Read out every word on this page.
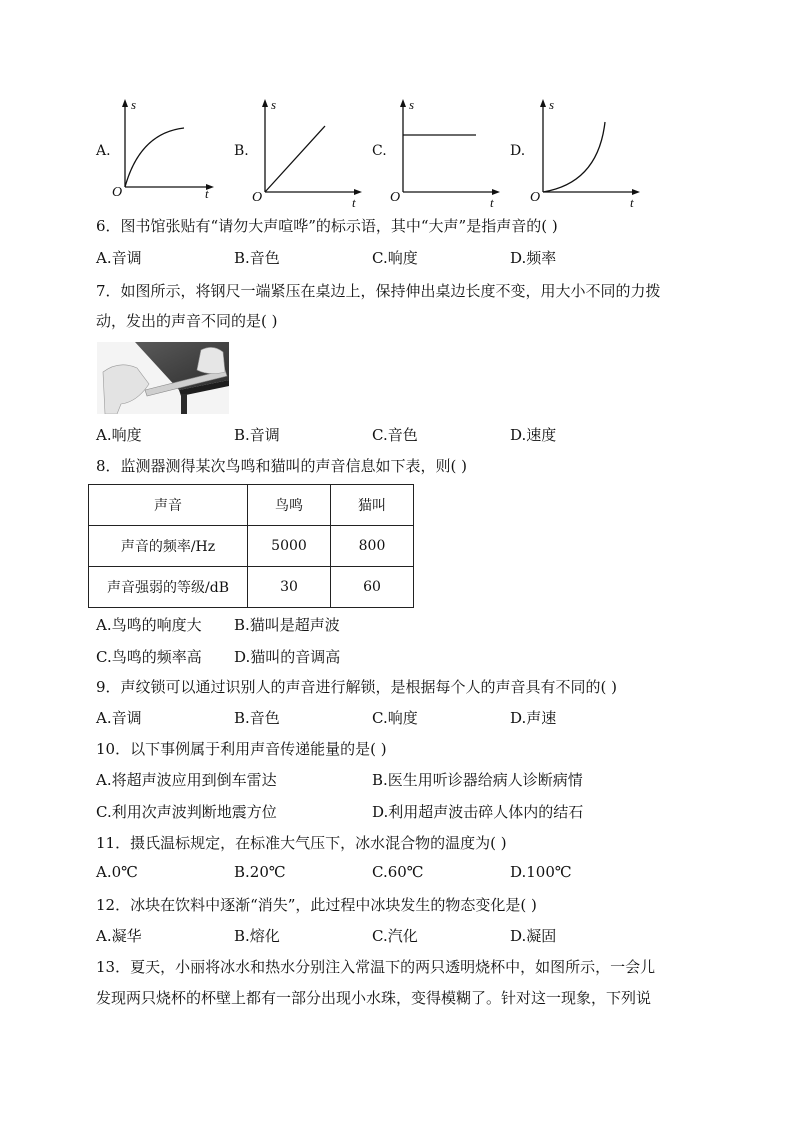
A.
s
t
O
B.
s
t
O
C.
s
t
O
D.
s
t
O
6．图书馆张贴有“请勿大声喧哗”的标示语，其中“大声”是指声音的( )
A.音调	B.音色	C.响度	D.频率
7．如图所示，将钢尺一端紧压在桌边上，保持伸出桌边长度不变，用大小不同的力拨
动，发出的声音不同的是( )
A.响度	B.音调	C.音色	D.速度
8．监测器测得某次鸟鸣和猫叫的声音信息如下表，则( )
声音	鸟鸣	猫叫
声音的频率/Hz	5000	800
声音强弱的等级/dB	30	60
A.鸟鸣的响度大 B.猫叫是超声波
C.鸟鸣的频率高 D.猫叫的音调高
9．声纹锁可以通过识别人的声音进行解锁，是根据每个人的声音具有不同的( )
A.音调	B.音色	C.响度	D.声速
10．以下事例属于利用声音传递能量的是( )
A.将超声波应用到倒车雷达	B.医生用听诊器给病人诊断病情
C.利用次声波判断地震方位	D.利用超声波击碎人体内的结石
11．摄氏温标规定，在标准大气压下，冰水混合物的温度为( )
A.0℃	B.20℃	C.60℃	D.100℃
12．冰块在饮料中逐渐“消失”，此过程中冰块发生的物态变化是( )
A.凝华	B.熔化	C.汽化	D.凝固
13．夏天，小丽将冰水和热水分别注入常温下的两只透明烧杯中，如图所示，一会儿
发现两只烧杯的杯壁上都有一部分出现小水珠，变得模糊了。针对这一现象，下列说
